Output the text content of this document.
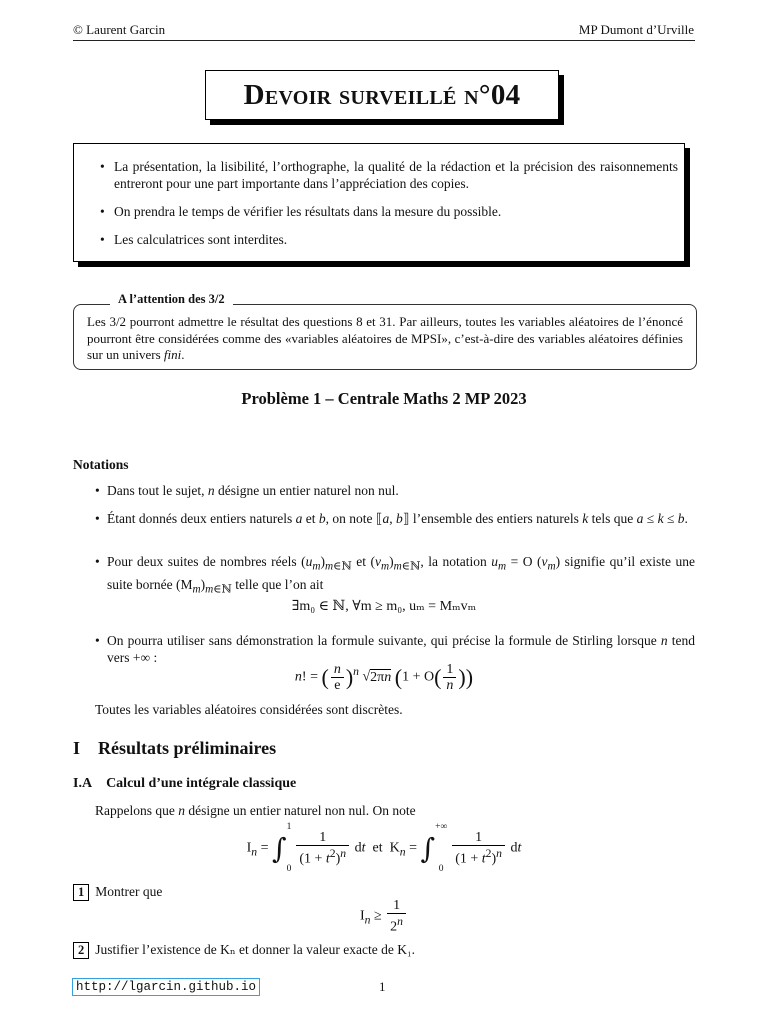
© Laurent Garcin	MP Dumont d’Urville
Devoir surveillé n°04
• La présentation, la lisibilité, l’orthographe, la qualité de la rédaction et la précision des raisonnements entreront pour une part importante dans l’appréciation des copies.
• On prendra le temps de vérifier les résultats dans la mesure du possible.
• Les calculatrices sont interdites.
A l’attention des 3/2
Les 3/2 pourront admettre le résultat des questions 8 et 31. Par ailleurs, toutes les variables aléatoires de l’énoncé pourront être considérées comme des «variables aléatoires de MPSI», c’est-à-dire des variables aléatoires définies sur un univers fini.
Problème 1 – Centrale Maths 2 MP 2023
Notations
• Dans tout le sujet, n désigne un entier naturel non nul.
• Étant donnés deux entiers naturels a et b, on note ⟦a, b⟧ l’ensemble des entiers naturels k tels que a ≤ k ≤ b.
• Pour deux suites de nombres réels $(u_m)_{m\in ℕ}$ et $(v_m)_{m\in ℕ}$, la notation $u_m = O$ $(v_m)$ signifie qu’il existe une suite bornée $(M_m)_{m\in ℕ}$ telle que l’on ait
∃m₀ ∈ ℕ, ∀m ≥ m₀, uₘ = Mₘvₘ
• On pourra utiliser sans démonstration la formule suivante, qui précise la formule de Stirling lorsque n tend vers +∞ :
n! = ( $\frac{n}{e} )^n$ √2πn ($1 + O( \frac{1}{n}$ ))
Toutes les variables aléatoires considérées sont discrètes.
I Résultats préliminaires
I.A Calcul d’une intégrale classique
Rappelons que n désigne un entier naturel non nul. On note
$I_n$ = ∫
1
0
$\frac{1}{(1 + t^2)^n}$ dt et  $K_n$ = ∫
+∞
0
$\frac{1}{(1 + t^2)^n}$ dt
1 Montrer que
$I_n \ge \frac{1}{2^n}$
2 Justifier l’existence de Kₙ et donner la valeur exacte de K₁.
http://lgarcin.github.io	1
